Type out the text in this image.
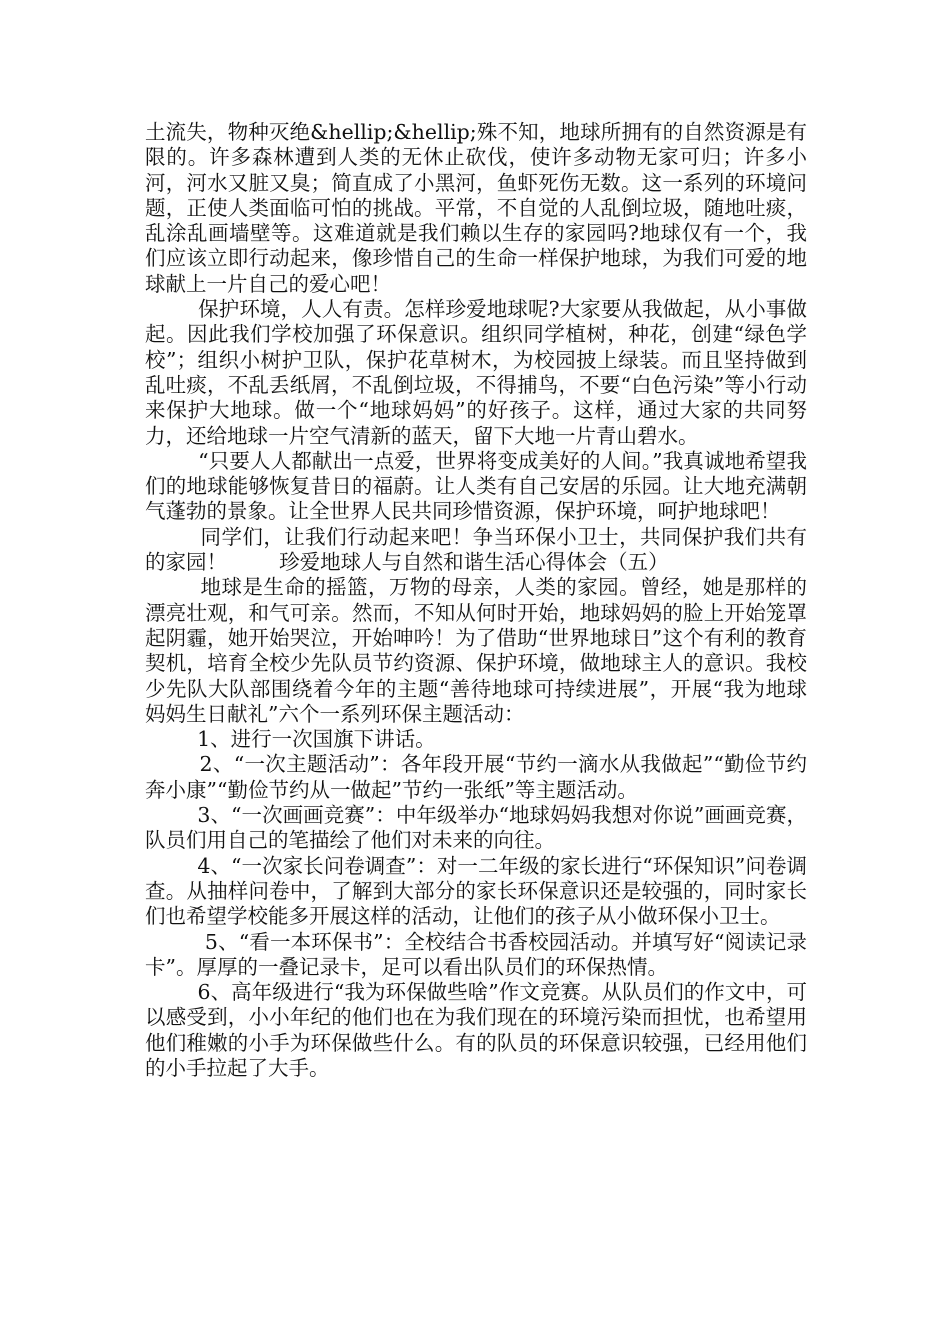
土流失，物种灭绝&hellip;&hellip;殊不知，地球所拥有的自然资源是有限的。许多森林遭到人类的无休止砍伐，使许多动物无家可归；许多小河，河水又脏又臭；简直成了小黑河，鱼虾死伤无数。这一系列的环境问题，正使人类面临可怕的挑战。平常，不自觉的人乱倒垃圾，随地吐痰，乱涂乱画墙壁等。这难道就是我们赖以生存的家园吗?地球仅有一个，我们应该立即行动起来，像珍惜自己的生命一样保护地球，为我们可爱的地球献上一片自己的爱心吧！

保护环境，人人有责。怎样珍爱地球呢?大家要从我做起，从小事做起。因此我们学校加强了环保意识。组织同学植树，种花，创建“绿色学校”；组织小树护卫队，保护花草树木，为校园披上绿装。而且坚持做到乱吐痰，不乱丢纸屑，不乱倒垃圾，不得捕鸟，不要“白色污染”等小行动来保护大地球。做一个“地球妈妈”的好孩子。这样，通过大家的共同努力，还给地球一片空气清新的蓝天，留下大地一片青山碧水。

“只要人人都献出一点爱，世界将变成美好的人间。”我真诚地希望我们的地球能够恢复昔日的福蔚。让人类有自己安居的乐园。让大地充满朝气蓬勃的景象。让全世界人民共同珍惜资源，保护环境，呵护地球吧！

同学们，让我们行动起来吧！争当环保小卫士，共同保护我们共有的家园！        珍爱地球人与自然和谐生活心得体会（五）

地球是生命的摇篮，万物的母亲，人类的家园。曾经，她是那样的漂亮壮观，和气可亲。然而，不知从何时开始，地球妈妈的脸上开始笼罩起阴霾，她开始哭泣，开始呻吟！为了借助“世界地球日”这个有利的教育契机，培育全校少先队员节约资源、保护环境，做地球主人的意识。我校少先队大队部围绕着今年的主题“善待地球可持续进展”，开展“我为地球妈妈生日献礼”六个一系列环保主题活动：

1、进行一次国旗下讲话。

2、“一次主题活动”：各年段开展“节约一滴水从我做起”“勤俭节约奔小康”“勤俭节约从一做起”节约一张纸”等主题活动。

3、“一次画画竞赛”：中年级举办“地球妈妈我想对你说”画画竞赛，队员们用自己的笔描绘了他们对未来的向往。

4、“一次家长问卷调查”：对一二年级的家长进行“环保知识”问卷调查。从抽样问卷中，了解到大部分的家长环保意识还是较强的，同时家长们也希望学校能多开展这样的活动，让他们的孩子从小做环保小卫士。

5、“看一本环保书”：全校结合书香校园活动。并填写好“阅读记录卡”。厚厚的一叠记录卡，足可以看出队员们的环保热情。

6、高年级进行“我为环保做些啥”作文竞赛。从队员们的作文中，可以感受到，小小年纪的他们也在为我们现在的环境污染而担忧，也希望用他们稚嫩的小手为环保做些什么。有的队员的环保意识较强，已经用他们的小手拉起了大手。
